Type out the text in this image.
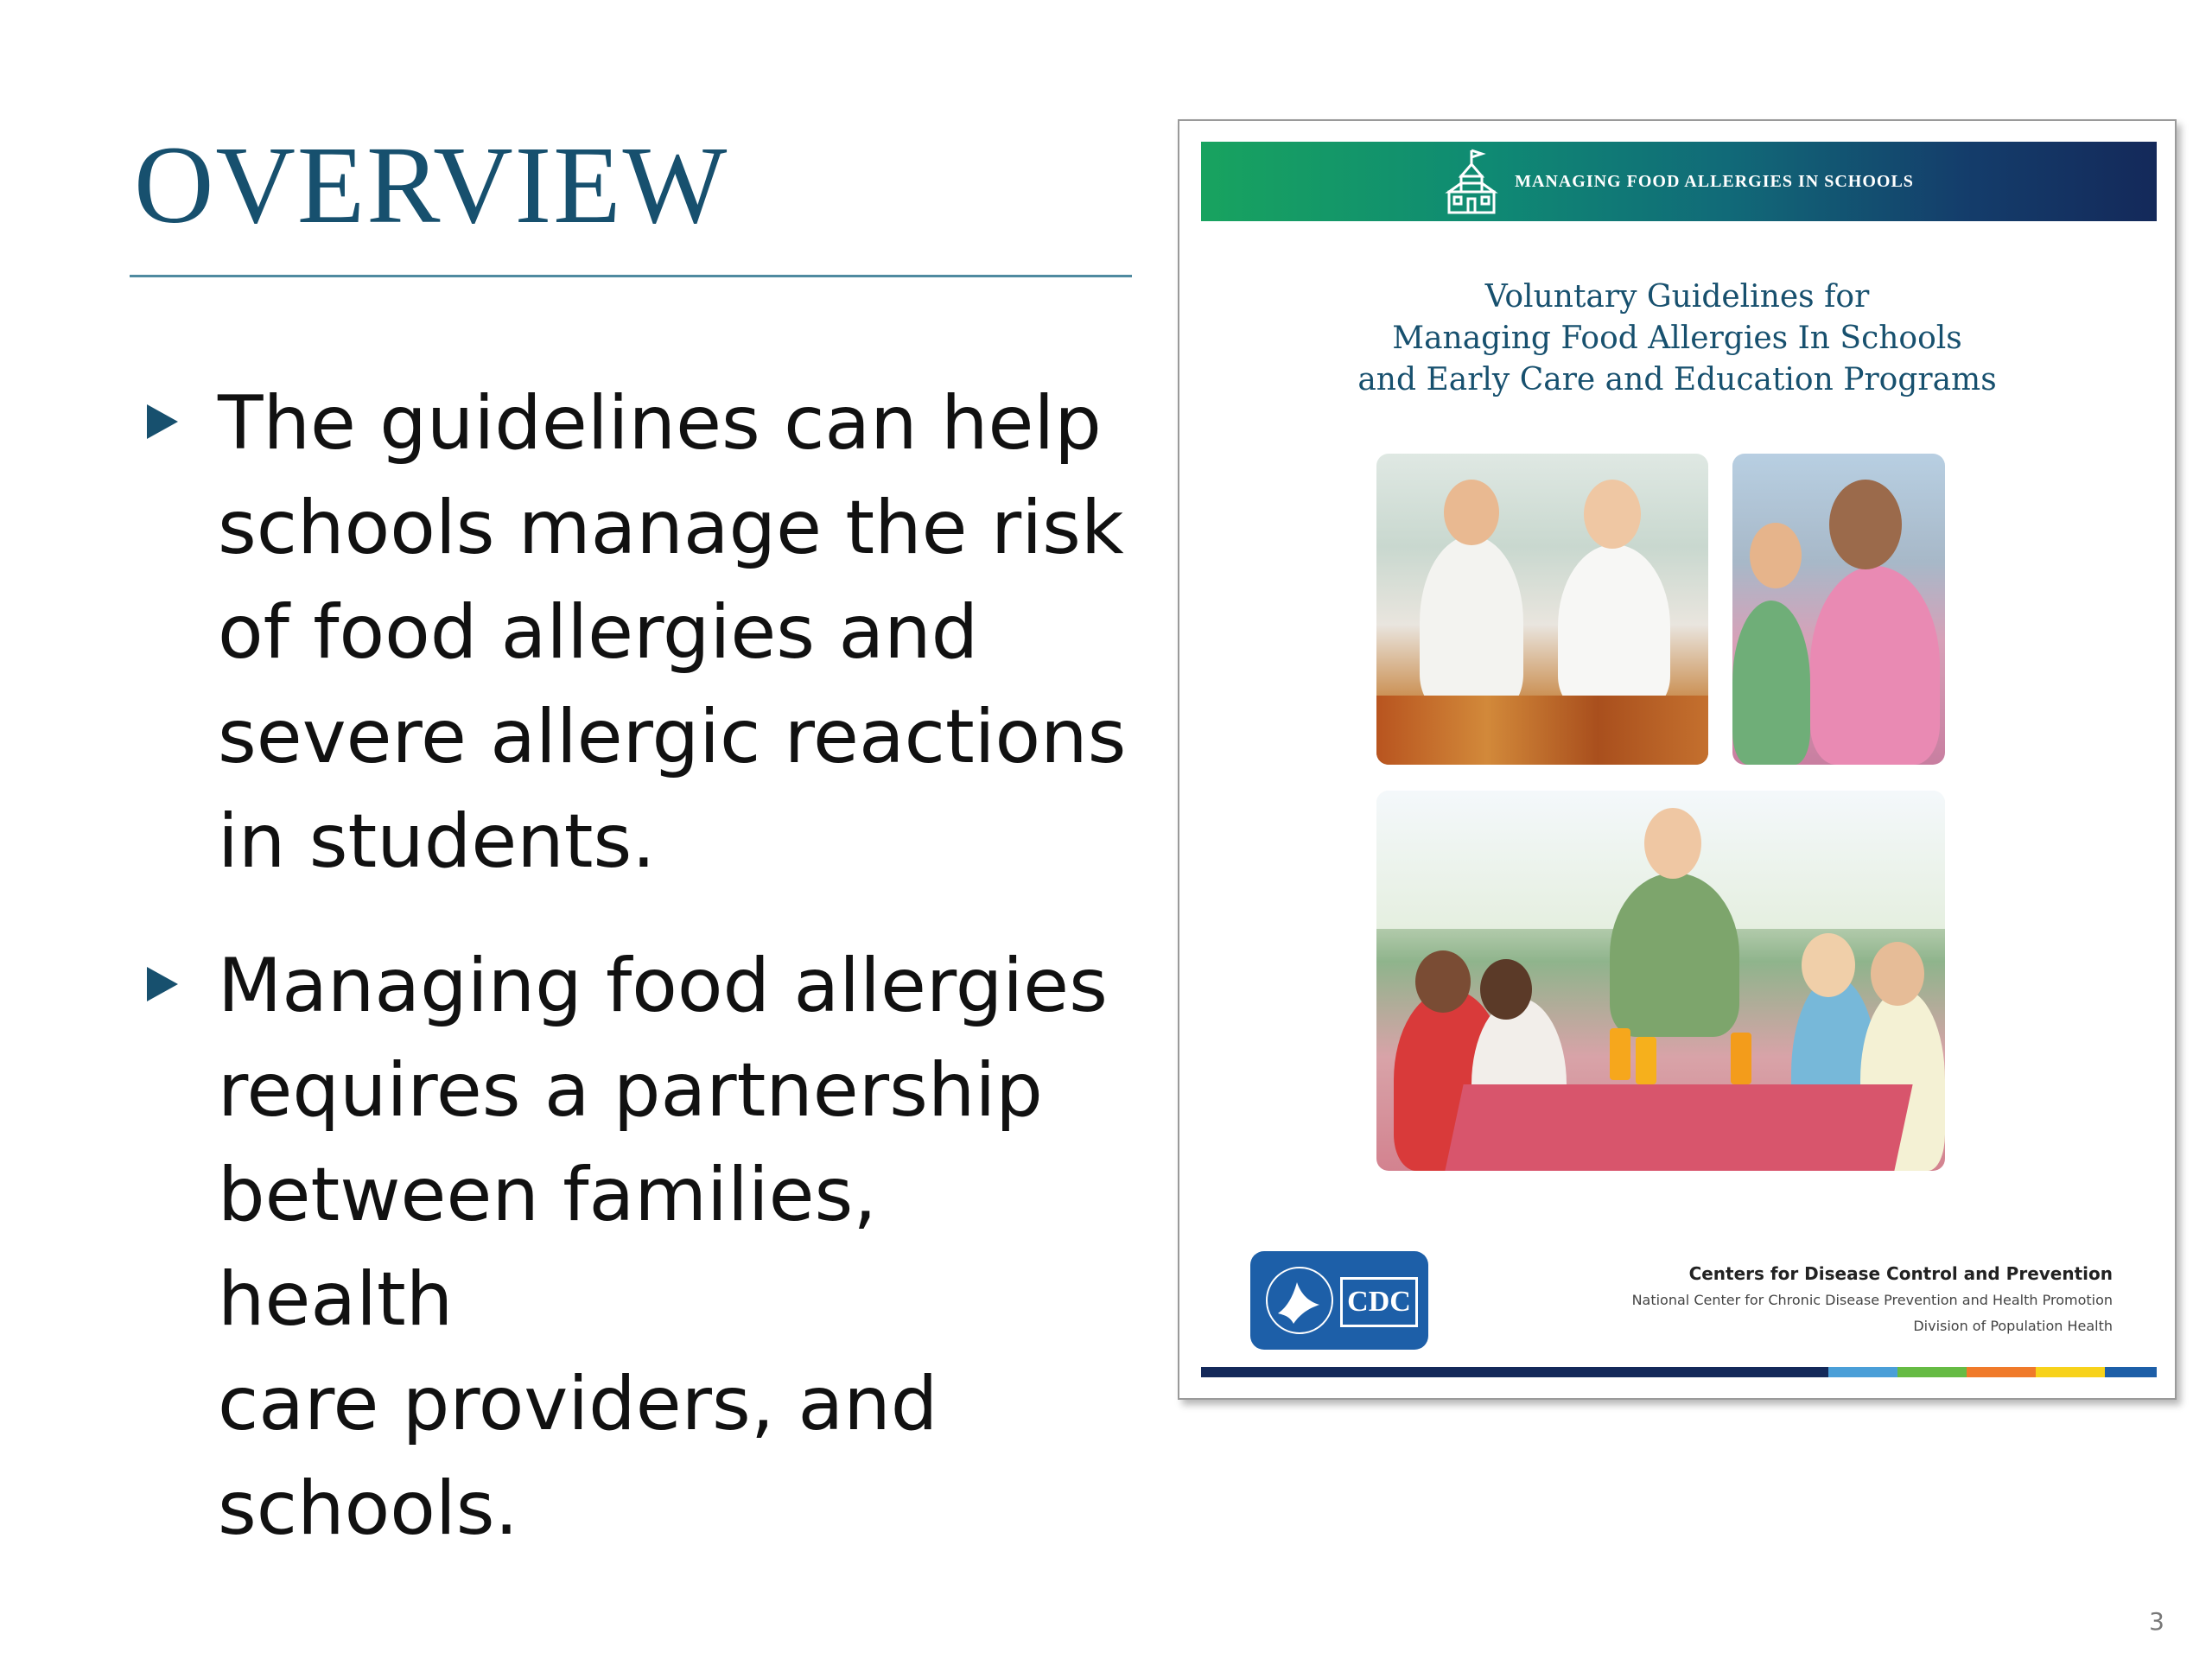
OVERVIEW
The guidelines can help
schools manage the risk
of food allergies and
severe allergic reactions
in students.
Managing food allergies
requires a partnership
between families, health
care providers, and
schools.
MANAGING FOOD ALLERGIES IN SCHOOLS
Voluntary Guidelines for
Managing Food Allergies In Schools
and Early Care and Education Programs
CDC
Centers for Disease Control and Prevention
National Center for Chronic Disease Prevention and Health Promotion
Division of Population Health
3
